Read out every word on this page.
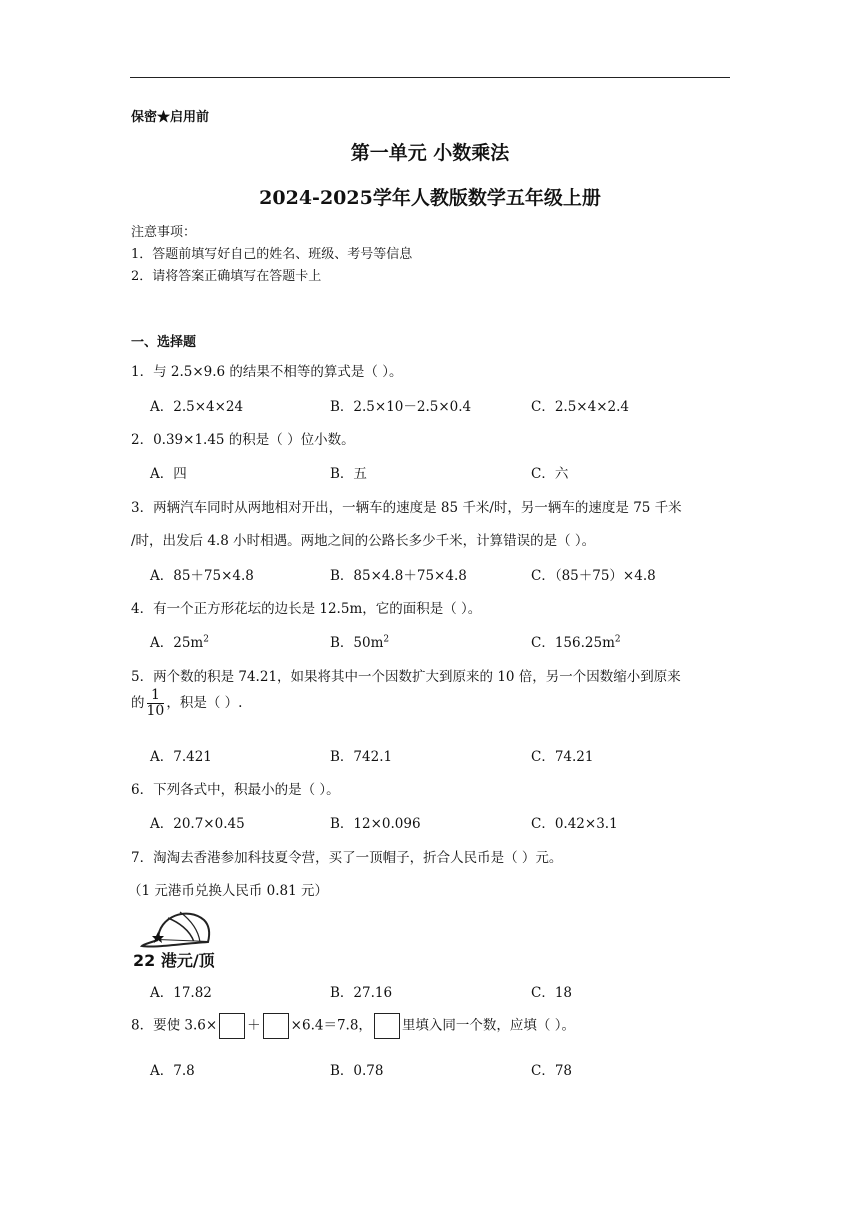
保密★启用前
第一单元 小数乘法
2024-2025学年人教版数学五年级上册
注意事项：
1．答题前填写好自己的姓名、班级、考号等信息
2．请将答案正确填写在答题卡上
一、选择题
1．与 2.5×9.6 的结果不相等的算式是（ ）。
A．2.5×4×24	B．2.5×10－2.5×0.4	C．2.5×4×2.4
2．0.39×1.45 的积是（ ）位小数。
A．四	B．五	C．六
3．两辆汽车同时从两地相对开出，一辆车的速度是 85 千米/时，另一辆车的速度是 75 千米
/时，出发后 4.8 小时相遇。两地之间的公路长多少千米，计算错误的是（ ）。
A．85＋75×4.8	B．85×4.8＋75×4.8	C．（85＋75）×4.8
4．有一个正方形花坛的边长是 12.5m，它的面积是（ ）。
A．$25m^2$	B．$50m^2$	C．$156.25m^2$
5．两个数的积是 74.21，如果将其中一个因数扩大到原来的 10 倍，另一个因数缩小到原来
的 $\frac{1}{10}$ ，积是（ ）.
A．7.421	B．742.1	C．74.21
6．下列各式中，积最小的是（ ）。
A．20.7×0.45	B．12×0.096	C．0.42×3.1
7．淘淘去香港参加科技夏令营，买了一顶帽子，折合人民币是（ ）元。
（1 元港币兑换人民币 0.81 元）
22 港元/顶
A．17.82	B．27.16	C．18
8．要使 3.6× ＋ ×6.4＝7.8， 里填入同一个数，应填（ ）。
A．7.8	B．0.78	C．78
